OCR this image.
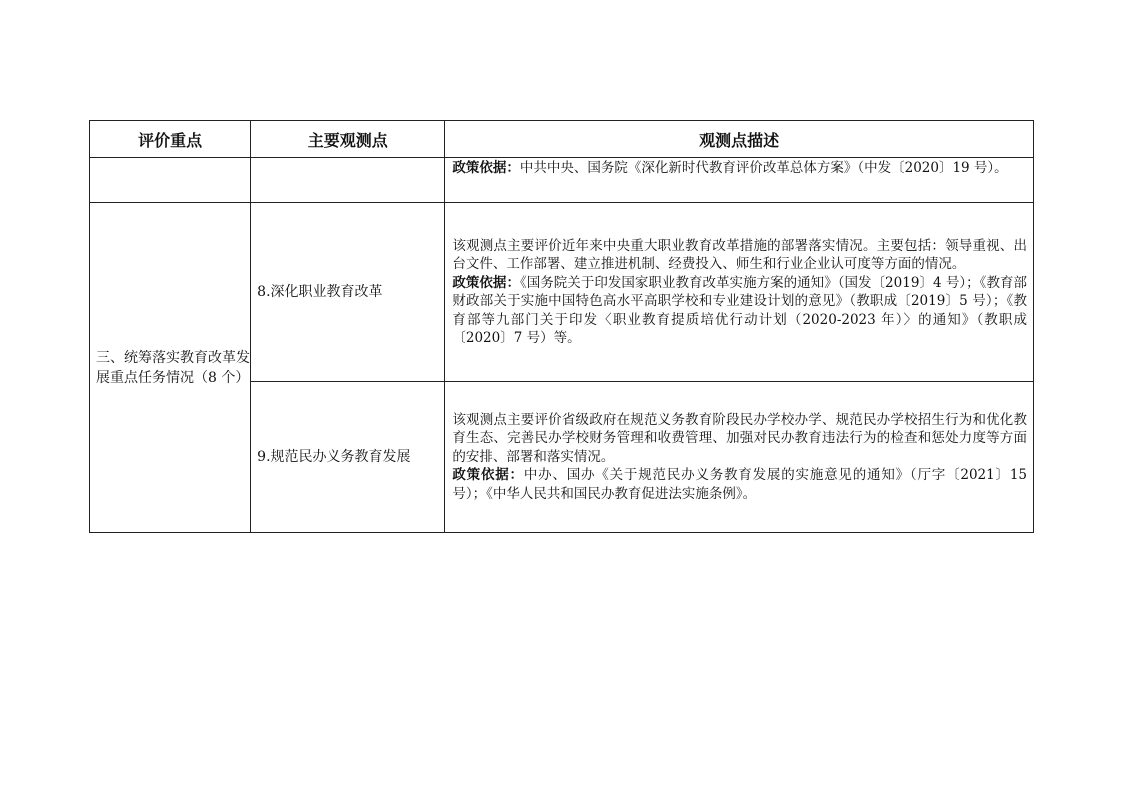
评价重点	主要观测点	观测点描述

		政策依据：中共中央、国务院《深化新时代教育评价改革总体方案》（中发〔2020〕19 号）。

三、统筹落实教育改革发展重点任务情况（8 个）	8.深化职业教育改革	该观测点主要评价近年来中央重大职业教育改革措施的部署落实情况。主要包括：领导重视、出台文件、工作部署、建立推进机制、经费投入、师生和行业企业认可度等方面的情况。
政策依据：《国务院关于印发国家职业教育改革实施方案的通知》（国发〔2019〕4 号）；《教育部 财政部关于实施中国特色高水平高职学校和专业建设计划的意见》（教职成〔2019〕5 号）；《教育部等九部门关于印发〈职业教育提质培优行动计划（2020-2023 年）〉的通知》（教职成〔2020〕7 号）等。

	9.规范民办义务教育发展	该观测点主要评价省级政府在规范义务教育阶段民办学校办学、规范民办学校招生行为和优化教育生态、完善民办学校财务管理和收费管理、加强对民办教育违法行为的检查和惩处力度等方面的安排、部署和落实情况。
政策依据：中办、国办《关于规范民办义务教育发展的实施意见的通知》（厅字〔2021〕15 号）；《中华人民共和国民办教育促进法实施条例》。
